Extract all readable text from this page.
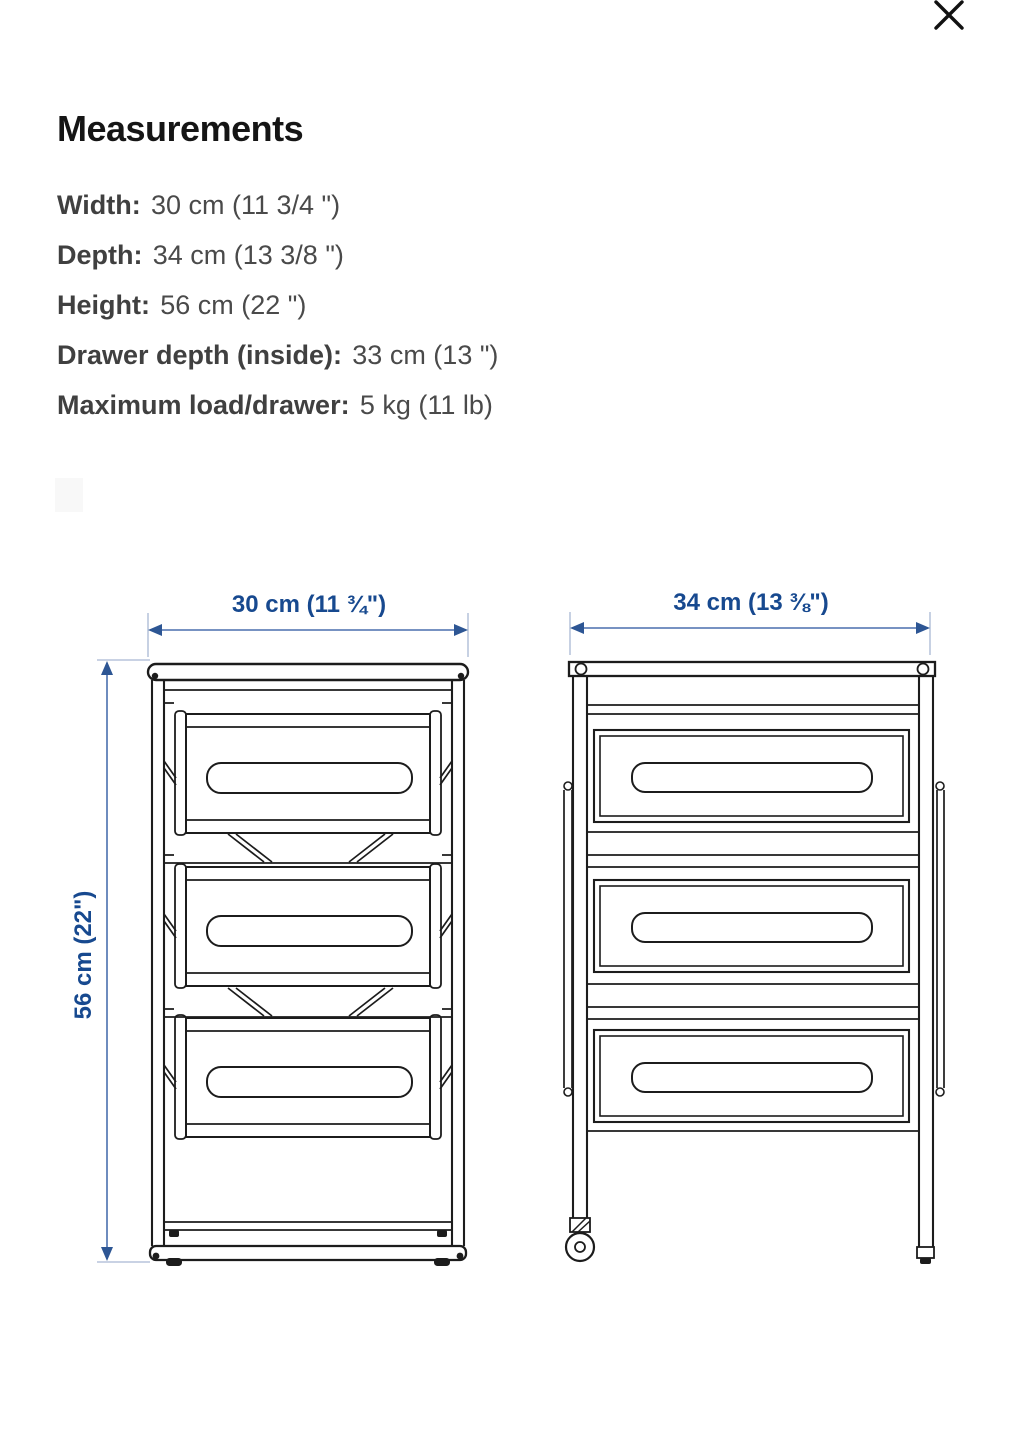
Measurements
Width: 30 cm (11 3/4 ")
Depth: 34 cm (13 3/8 ")
Height: 56 cm (22 ")
Drawer depth (inside): 33 cm (13 ")
Maximum load/drawer: 5 kg (11 lb)
30 cm (11 ¾")	34 cm (13 ⅜")
56 cm (22")
